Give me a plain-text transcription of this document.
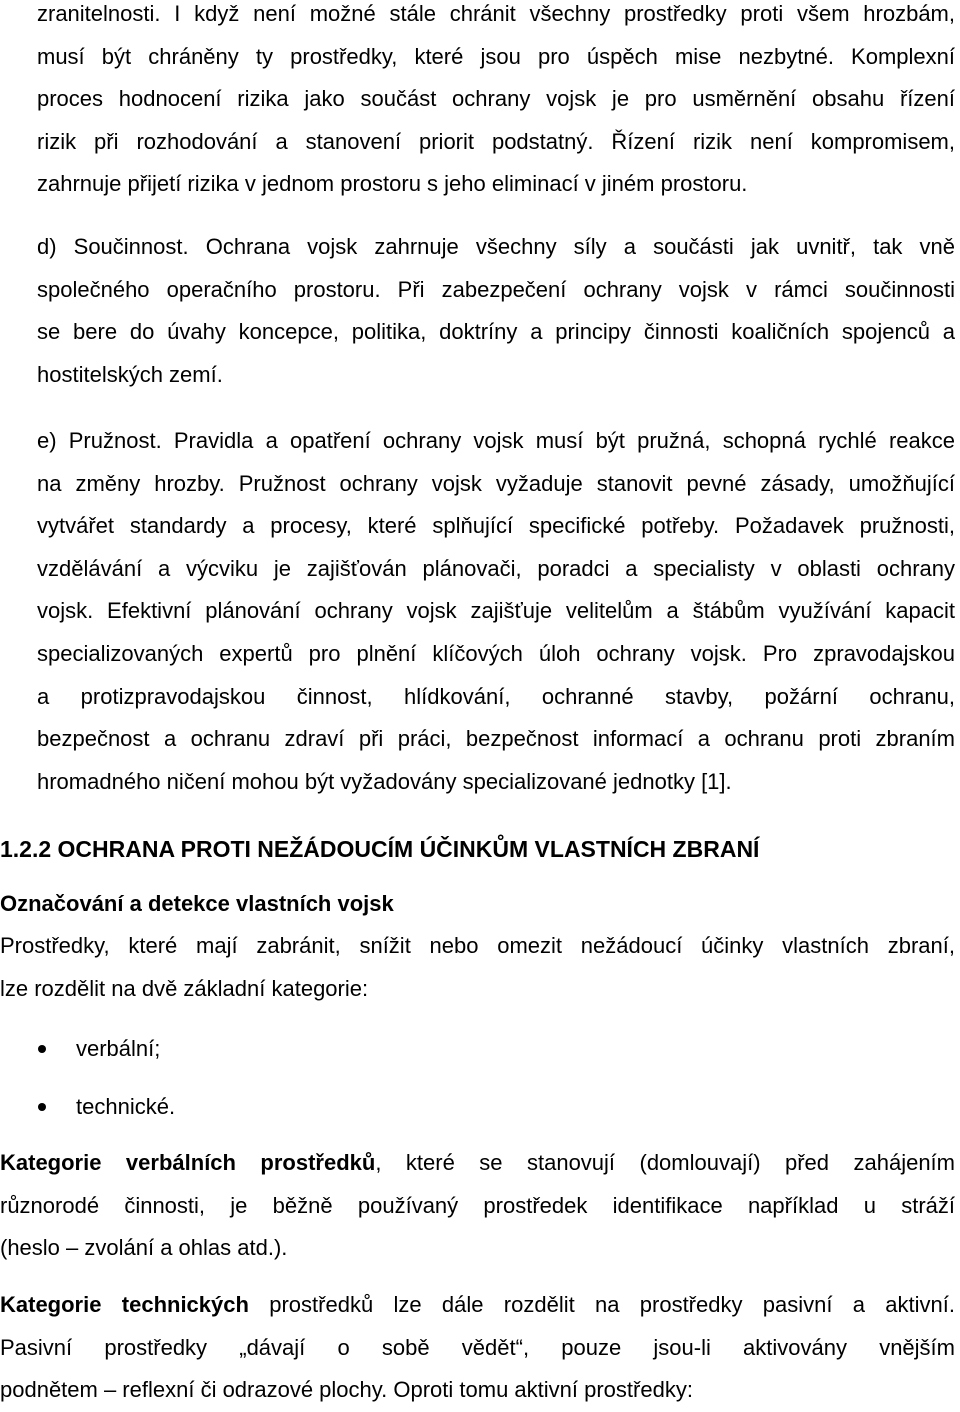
zranitelnosti. I když není možné stále chránit všechny prostředky proti všem hrozbám,
musí být chráněny ty prostředky, které jsou pro úspěch mise nezbytné. Komplexní
proces hodnocení rizika jako součást ochrany vojsk je pro usměrnění obsahu řízení
rizik při rozhodování a stanovení priorit podstatný. Řízení rizik není kompromisem,
zahrnuje přijetí rizika v jednom prostoru s jeho eliminací v jiném prostoru.
d) Součinnost. Ochrana vojsk zahrnuje všechny síly a součásti jak uvnitř, tak vně
společného operačního prostoru. Při zabezpečení ochrany vojsk v rámci součinnosti
se bere do úvahy koncepce, politika, doktríny a principy činnosti koaličních spojenců a
hostitelských zemí.
e) Pružnost. Pravidla a opatření ochrany vojsk musí být pružná, schopná rychlé reakce
na změny hrozby. Pružnost ochrany vojsk vyžaduje stanovit pevné zásady, umožňující
vytvářet standardy a procesy, které splňující specifické potřeby. Požadavek pružnosti,
vzdělávání a výcviku je zajišťován plánovači, poradci a specialisty v oblasti ochrany
vojsk. Efektivní plánování ochrany vojsk zajišťuje velitelům a štábům využívání kapacit
specializovaných expertů pro plnění klíčových úloh ochrany vojsk. Pro zpravodajskou
a protizpravodajskou činnost, hlídkování, ochranné stavby, požární ochranu,
bezpečnost a ochranu zdraví při práci, bezpečnost informací a ochranu proti zbraním
hromadného ničení mohou být vyžadovány specializované jednotky [1].
1.2.2 OCHRANA PROTI NEŽÁDOUCÍM ÚČINKŮM VLASTNÍCH ZBRANÍ
Označování a detekce vlastních vojsk
Prostředky, které mají zabránit, snížit nebo omezit nežádoucí účinky vlastních zbraní,
lze rozdělit na dvě základní kategorie:
verbální;
technické.
Kategorie verbálních prostředků, které se stanovují (domlouvají) před zahájením
různorodé činnosti, je běžně používaný prostředek identifikace například u stráží
(heslo – zvolání a ohlas atd.).
Kategorie technických prostředků lze dále rozdělit na prostředky pasivní a aktivní.
Pasivní prostředky „dávají o sobě vědět“, pouze jsou-li aktivovány vnějším
podnětem – reflexní či odrazové plochy. Oproti tomu aktivní prostředky:
